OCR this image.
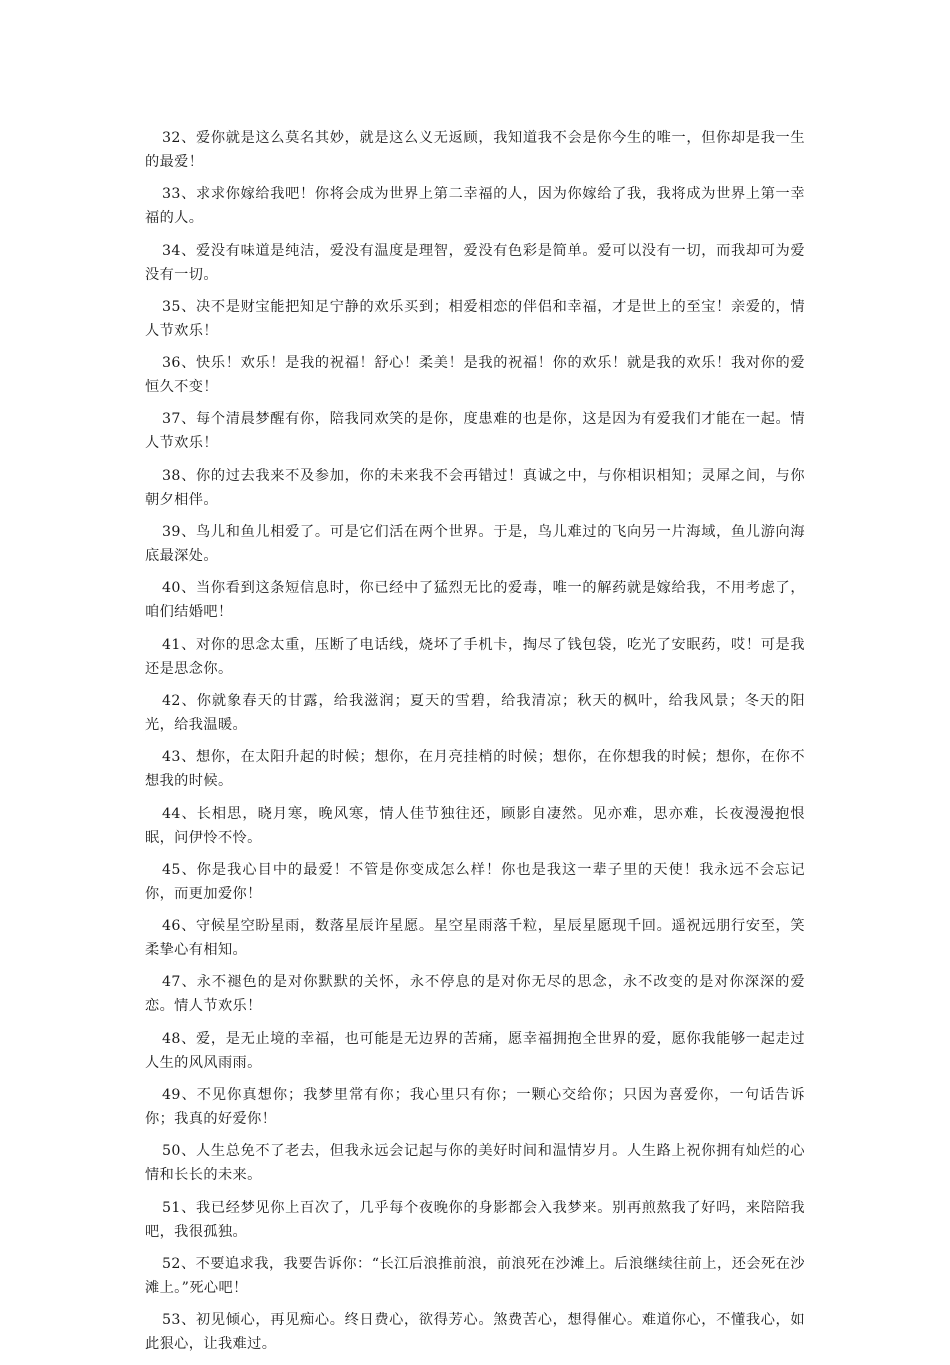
32、爱你就是这么莫名其妙，就是这么义无返顾，我知道我不会是你今生的唯一，但你却是我一生的最爱！

33、求求你嫁给我吧！你将会成为世界上第二幸福的人，因为你嫁给了我，我将成为世界上第一幸福的人。

34、爱没有味道是纯洁，爱没有温度是理智，爱没有色彩是简单。爱可以没有一切，而我却可为爱没有一切。

35、决不是财宝能把知足宁静的欢乐买到；相爱相恋的伴侣和幸福，才是世上的至宝！亲爱的，情人节欢乐！

36、快乐！欢乐！是我的祝福！舒心！柔美！是我的祝福！你的欢乐！就是我的欢乐！我对你的爱恒久不变！

37、每个清晨梦醒有你，陪我同欢笑的是你，度患难的也是你，这是因为有爱我们才能在一起。情人节欢乐！

38、你的过去我来不及参加，你的未来我不会再错过！真诚之中，与你相识相知；灵犀之间，与你朝夕相伴。

39、鸟儿和鱼儿相爱了。可是它们活在两个世界。于是，鸟儿难过的飞向另一片海域，鱼儿游向海底最深处。

40、当你看到这条短信息时，你已经中了猛烈无比的爱毒，唯一的解药就是嫁给我，不用考虑了，咱们结婚吧！

41、对你的思念太重，压断了电话线，烧坏了手机卡，掏尽了钱包袋，吃光了安眠药，哎！可是我还是思念你。

42、你就象春天的甘露，给我滋润；夏天的雪碧，给我清凉；秋天的枫叶，给我风景；冬天的阳光，给我温暖。

43、想你，在太阳升起的时候；想你，在月亮挂梢的时候；想你，在你想我的时候；想你，在你不想我的时候。

44、长相思，晓月寒，晚风寒，情人佳节独往还，顾影自凄然。见亦难，思亦难，长夜漫漫抱恨眠，问伊怜不怜。

45、你是我心目中的最爱！不管是你变成怎么样！你也是我这一辈子里的天使！我永远不会忘记你，而更加爱你！

46、守候星空盼星雨，数落星辰许星愿。星空星雨落千粒，星辰星愿现千回。遥祝远朋行安至，笑柔挚心有相知。

47、永不褪色的是对你默默的关怀，永不停息的是对你无尽的思念，永不改变的是对你深深的爱恋。情人节欢乐！

48、爱，是无止境的幸福，也可能是无边界的苦痛，愿幸福拥抱全世界的爱，愿你我能够一起走过人生的风风雨雨。

49、不见你真想你；我梦里常有你；我心里只有你；一颗心交给你；只因为喜爱你，一句话告诉你；我真的好爱你！

50、人生总免不了老去，但我永远会记起与你的美好时间和温情岁月。人生路上祝你拥有灿烂的心情和长长的未来。

51、我已经梦见你上百次了，几乎每个夜晚你的身影都会入我梦来。别再煎熬我了好吗，来陪陪我吧，我很孤独。

52、不要追求我，我要告诉你：“长江后浪推前浪，前浪死在沙滩上。后浪继续往前上，还会死在沙滩上。”死心吧！

53、初见倾心，再见痴心。终日费心，欲得芳心。煞费苦心，想得催心。难道你心，不懂我心，如此狠心，让我难过。
